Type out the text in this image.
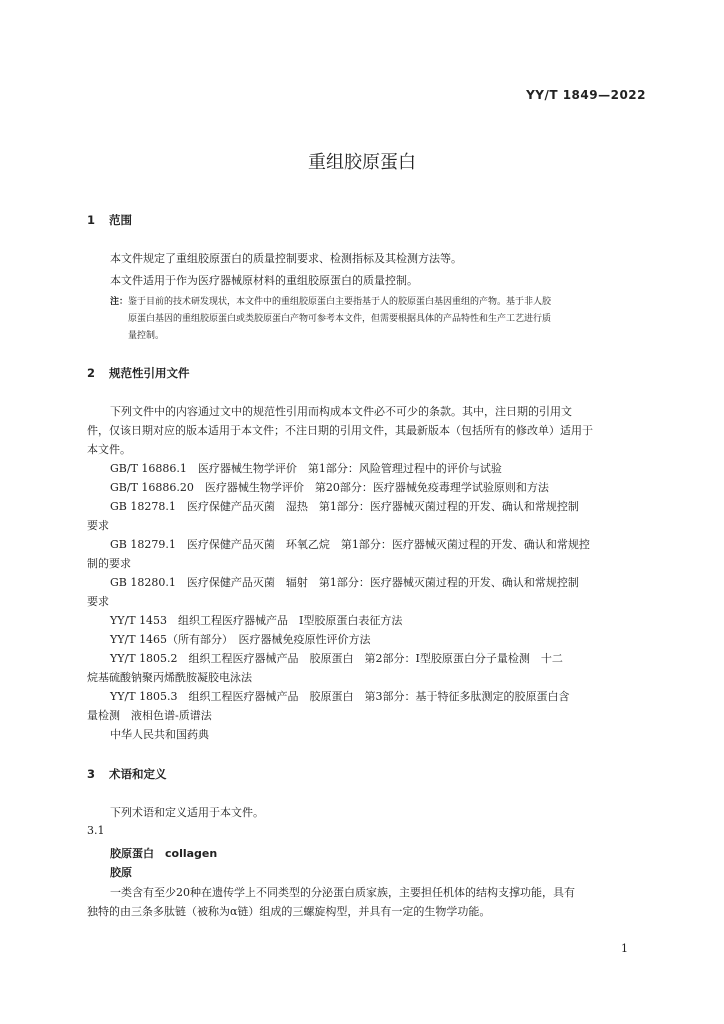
YY/T 1849—2022
重组胶原蛋白
1 范围
本文件规定了重组胶原蛋白的质量控制要求、检测指标及其检测方法等。
本文件适用于作为医疗器械原材料的重组胶原蛋白的质量控制。
注：鉴于目前的技术研发现状，本文件中的重组胶原蛋白主要指基于人的胶原蛋白基因重组的产物。基于非人胶
原蛋白基因的重组胶原蛋白或类胶原蛋白产物可参考本文件，但需要根据具体的产品特性和生产工艺进行质
量控制。
2 规范性引用文件
下列文件中的内容通过文中的规范性引用而构成本文件必不可少的条款。其中，注日期的引用文
件，仅该日期对应的版本适用于本文件；不注日期的引用文件，其最新版本（包括所有的修改单）适用于
本文件。
GB/T 16886.1　医疗器械生物学评价　第1部分：风险管理过程中的评价与试验
GB/T 16886.20　医疗器械生物学评价　第20部分：医疗器械免疫毒理学试验原则和方法
GB 18278.1　医疗保健产品灭菌　湿热　第1部分：医疗器械灭菌过程的开发、确认和常规控制
要求
GB 18279.1　医疗保健产品灭菌　环氧乙烷　第1部分：医疗器械灭菌过程的开发、确认和常规控
制的要求
GB 18280.1　医疗保健产品灭菌　辐射　第1部分：医疗器械灭菌过程的开发、确认和常规控制
要求
YY/T 1453　组织工程医疗器械产品　Ⅰ型胶原蛋白表征方法
YY/T 1465（所有部分）　医疗器械免疫原性评价方法
YY/T 1805.2　组织工程医疗器械产品　胶原蛋白　第2部分：Ⅰ型胶原蛋白分子量检测　十二
烷基硫酸钠聚丙烯酰胺凝胶电泳法
YY/T 1805.3　组织工程医疗器械产品　胶原蛋白　第3部分：基于特征多肽测定的胶原蛋白含
量检测　液相色谱-质谱法
中华人民共和国药典
3 术语和定义
下列术语和定义适用于本文件。
3.1
胶原蛋白　collagen
胶原
一类含有至少20种在遗传学上不同类型的分泌蛋白质家族，主要担任机体的结构支撑功能，具有
独特的由三条多肽链（被称为α链）组成的三螺旋构型，并具有一定的生物学功能。
1
